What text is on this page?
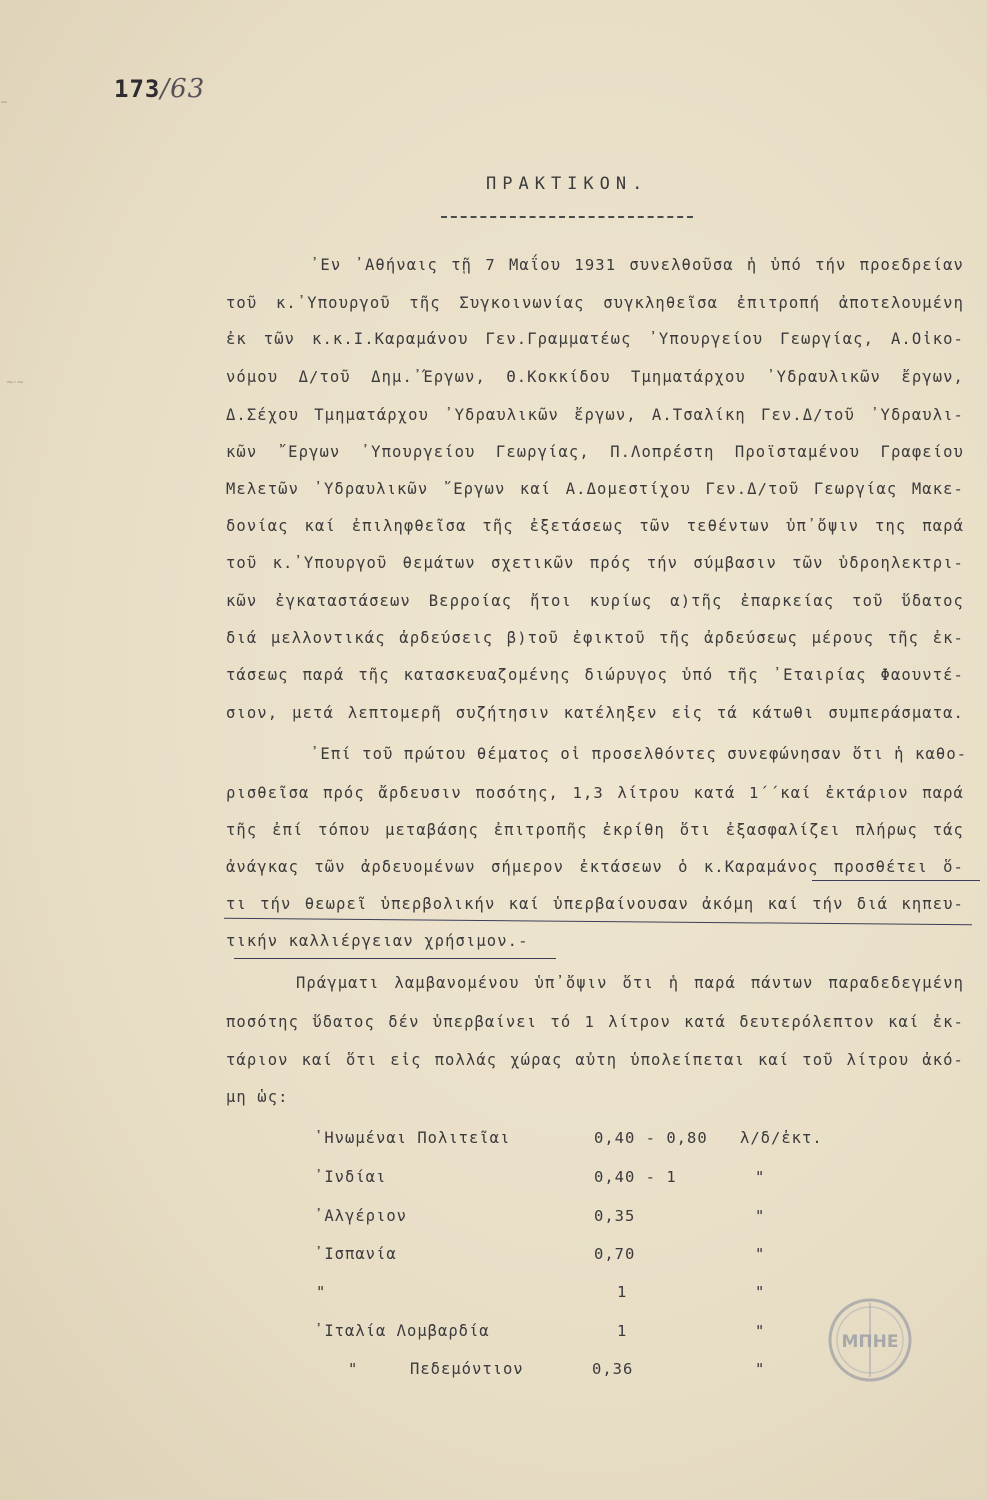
173/63
~·~
~
ΠΡΑΚΤΙΚΟΝ.
᾿Εν ᾿Αθήναις τῇ 7 Μαΐου 1931 συνελθοῦσα ἡ ὑπό τήν προεδρείαν
τοῦ κ.᾿Υπουργοῦ τῆς Συγκοινωνίας συγκληθεῖσα ἐπιτροπή ἀποτελουμένη
ἐκ τῶν κ.κ.Ι.Καραμάνου Γεν.Γραμματέως ᾿Υπουργείου Γεωργίας, Α.Οἰκο-
νόμου Δ/τοῦ Δημ.᾿Έργων, Θ.Κοκκίδου Τμηματάρχου ᾿Υδραυλικῶν ἔργων,
Δ.Σέχου Τμηματάρχου ᾿Υδραυλικῶν ἔργων, Α.Τσαλίκη Γεν.Δ/τοῦ ᾿Υδραυλι-
κῶν ῎Εργων ᾿Υπουργείου Γεωργίας, Π.Λοπρέστη Προϊσταμένου Γραφείου
Μελετῶν ᾿Υδραυλικῶν ῎Εργων καί Α.Δομεστίχου Γεν.Δ/τοῦ Γεωργίας Μακε-
δονίας καί ἐπιληφθεῖσα τῆς ἐξετάσεως τῶν τεθέντων ὑπ᾿ὄψιν της παρά
τοῦ κ.᾿Υπουργοῦ θεμάτων σχετικῶν πρός τήν σύμβασιν τῶν ὑδροηλεκτρι-
κῶν ἐγκαταστάσεων Βερροίας ἤτοι κυρίως α)τῆς ἐπαρκείας τοῦ ὕδατος
διά μελλοντικάς ἀρδεύσεις β)τοῦ ἐφικτοῦ τῆς ἀρδεύσεως μέρους τῆς ἐκ-
τάσεως παρά τῆς κατασκευαζομένης διώρυγος ὑπό τῆς ᾿Εταιρίας Φαουντέ-
σιον, μετά λεπτομερῆ συζήτησιν κατέληξεν εἰς τά κάτωθι συμπεράσματα.
᾿Επί τοῦ πρώτου θέματος οἱ προσελθόντες συνεφώνησαν ὅτι ἡ καθο-
ρισθεῖσα πρός ἄρδευσιν ποσότης, 1,3 λίτρου κατά 1´´καί ἐκτάριον παρά
τῆς ἐπί τόπου μεταβάσης ἐπιτροπῆς ἐκρίθη ὅτι ἐξασφαλίζει πλήρως τάς
ἀνάγκας τῶν ἀρδευομένων σήμερον ἐκτάσεων ὁ κ.Καραμάνος προσθέτει ὅ-
τι τήν θεωρεῖ ὑπερβολικήν καί ὑπερβαίνουσαν ἀκόμη καί τήν διά κηπευ-
τικήν καλλιέργειαν χρήσιμον.-
Πράγματι λαμβανομένου ὑπ᾿ὄψιν ὅτι ἡ παρά πάντων παραδεδεγμένη
ποσότης ὕδατος δέν ὑπερβαίνει τό 1 λίτρον κατά δευτερόλεπτον καί ἐκ-
τάριον καί ὅτι εἰς πολλάς χώρας αὐτη ὑπολείπεται καί τοῦ λίτρου ἀκό-
μη ὡς:
῾Ηνωμέναι Πολιτεῖαι	0,40 - 0,80 λ/δ/ἐκτ.
᾿Ινδίαι	0,40 - 1	"
᾿Αλγέριον	0,35	"
᾿Ισπανία	0,70	"
"	1	"
᾿Ιταλία Λομβαρδία	1	"
"     Πεδεμόντιον	0,36	"
ΜΠΗΕ
